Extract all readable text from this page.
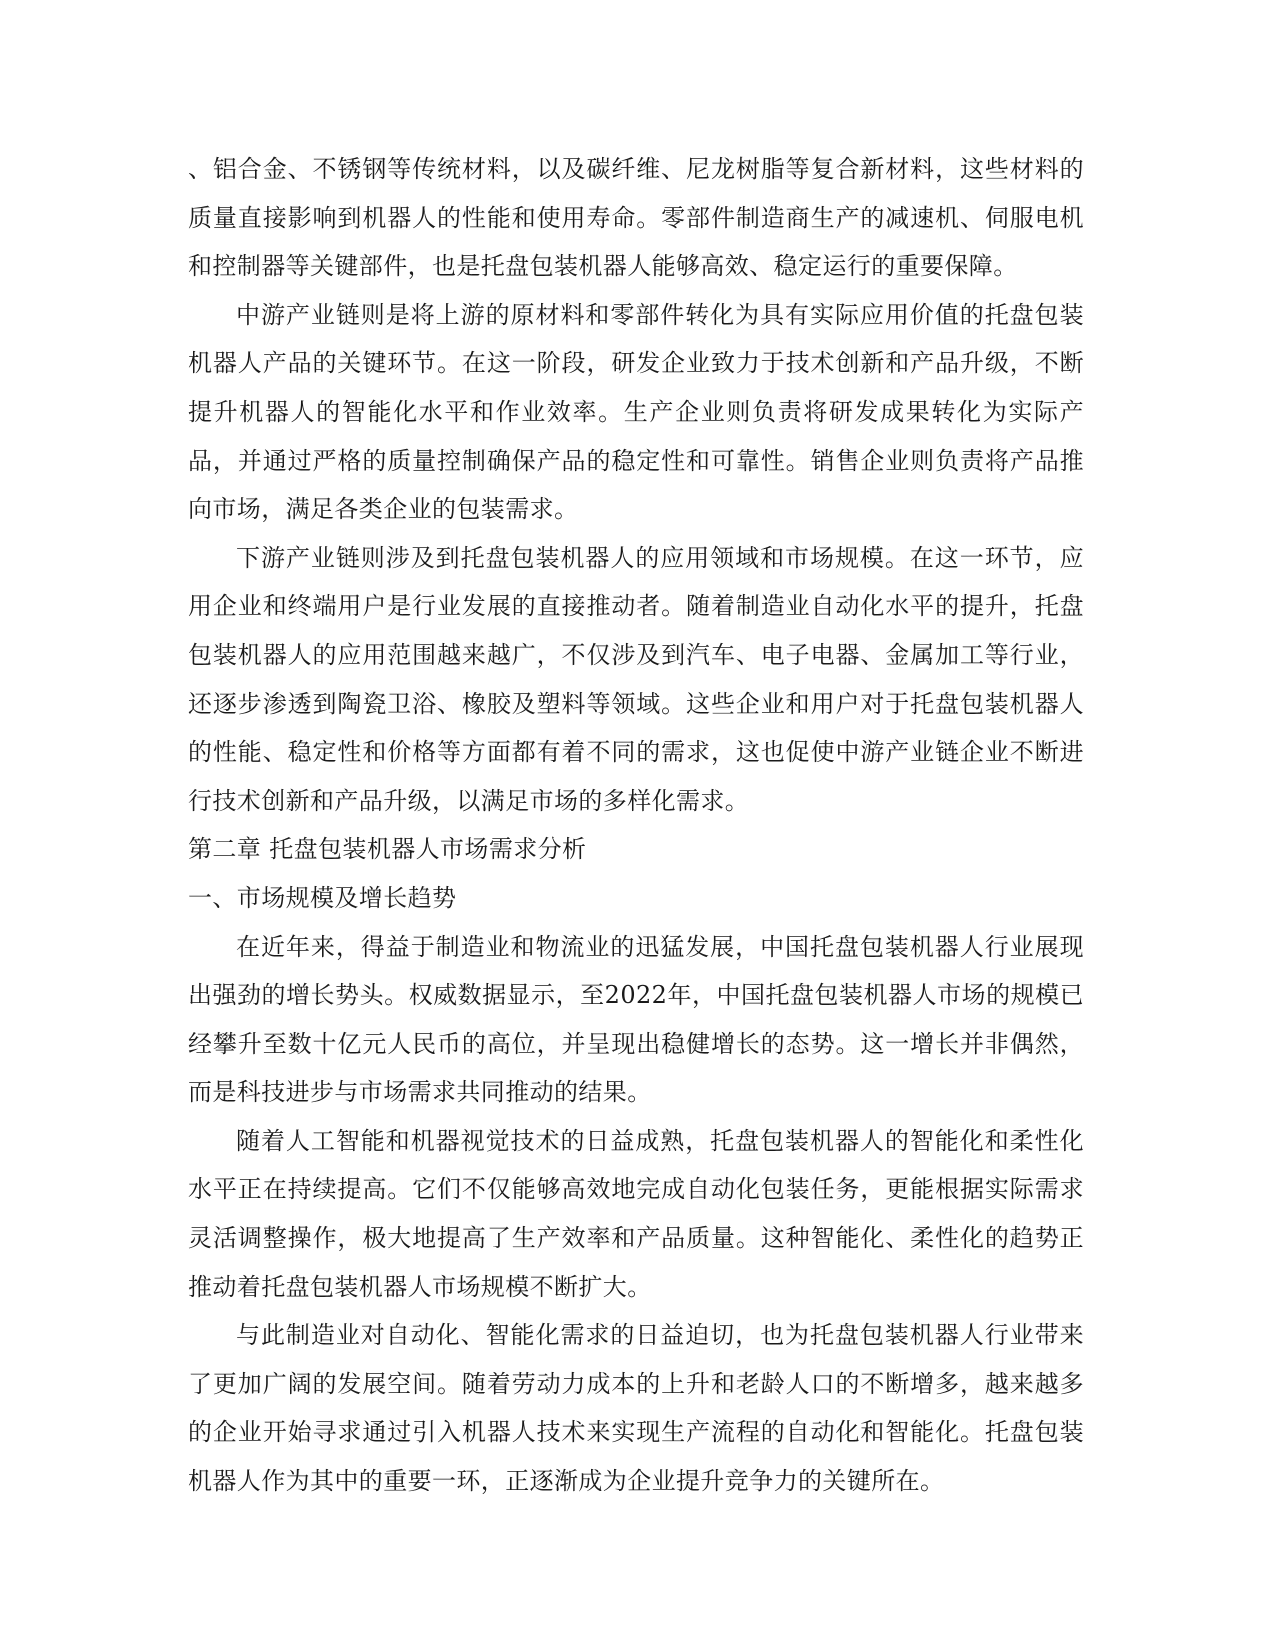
、铝合金、不锈钢等传统材料，以及碳纤维、尼龙树脂等复合新材料，这些材料的质量直接影响到机器人的性能和使用寿命。零部件制造商生产的减速机、伺服电机和控制器等关键部件，也是托盘包装机器人能够高效、稳定运行的重要保障。

中游产业链则是将上游的原材料和零部件转化为具有实际应用价值的托盘包装机器人产品的关键环节。在这一阶段，研发企业致力于技术创新和产品升级，不断提升机器人的智能化水平和作业效率。生产企业则负责将研发成果转化为实际产品，并通过严格的质量控制确保产品的稳定性和可靠性。销售企业则负责将产品推向市场，满足各类企业的包装需求。

下游产业链则涉及到托盘包装机器人的应用领域和市场规模。在这一环节，应用企业和终端用户是行业发展的直接推动者。随着制造业自动化水平的提升，托盘包装机器人的应用范围越来越广，不仅涉及到汽车、电子电器、金属加工等行业，还逐步渗透到陶瓷卫浴、橡胶及塑料等领域。这些企业和用户对于托盘包装机器人的性能、稳定性和价格等方面都有着不同的需求，这也促使中游产业链企业不断进行技术创新和产品升级，以满足市场的多样化需求。

第二章 托盘包装机器人市场需求分析
一、市场规模及增长趋势

在近年来，得益于制造业和物流业的迅猛发展，中国托盘包装机器人行业展现出强劲的增长势头。权威数据显示，至2022年，中国托盘包装机器人市场的规模已经攀升至数十亿元人民币的高位，并呈现出稳健增长的态势。这一增长并非偶然，而是科技进步与市场需求共同推动的结果。

随着人工智能和机器视觉技术的日益成熟，托盘包装机器人的智能化和柔性化水平正在持续提高。它们不仅能够高效地完成自动化包装任务，更能根据实际需求灵活调整操作，极大地提高了生产效率和产品质量。这种智能化、柔性化的趋势正推动着托盘包装机器人市场规模不断扩大。

与此制造业对自动化、智能化需求的日益迫切，也为托盘包装机器人行业带来了更加广阔的发展空间。随着劳动力成本的上升和老龄人口的不断增多，越来越多的企业开始寻求通过引入机器人技术来实现生产流程的自动化和智能化。托盘包装机器人作为其中的重要一环，正逐渐成为企业提升竞争力的关键所在。
